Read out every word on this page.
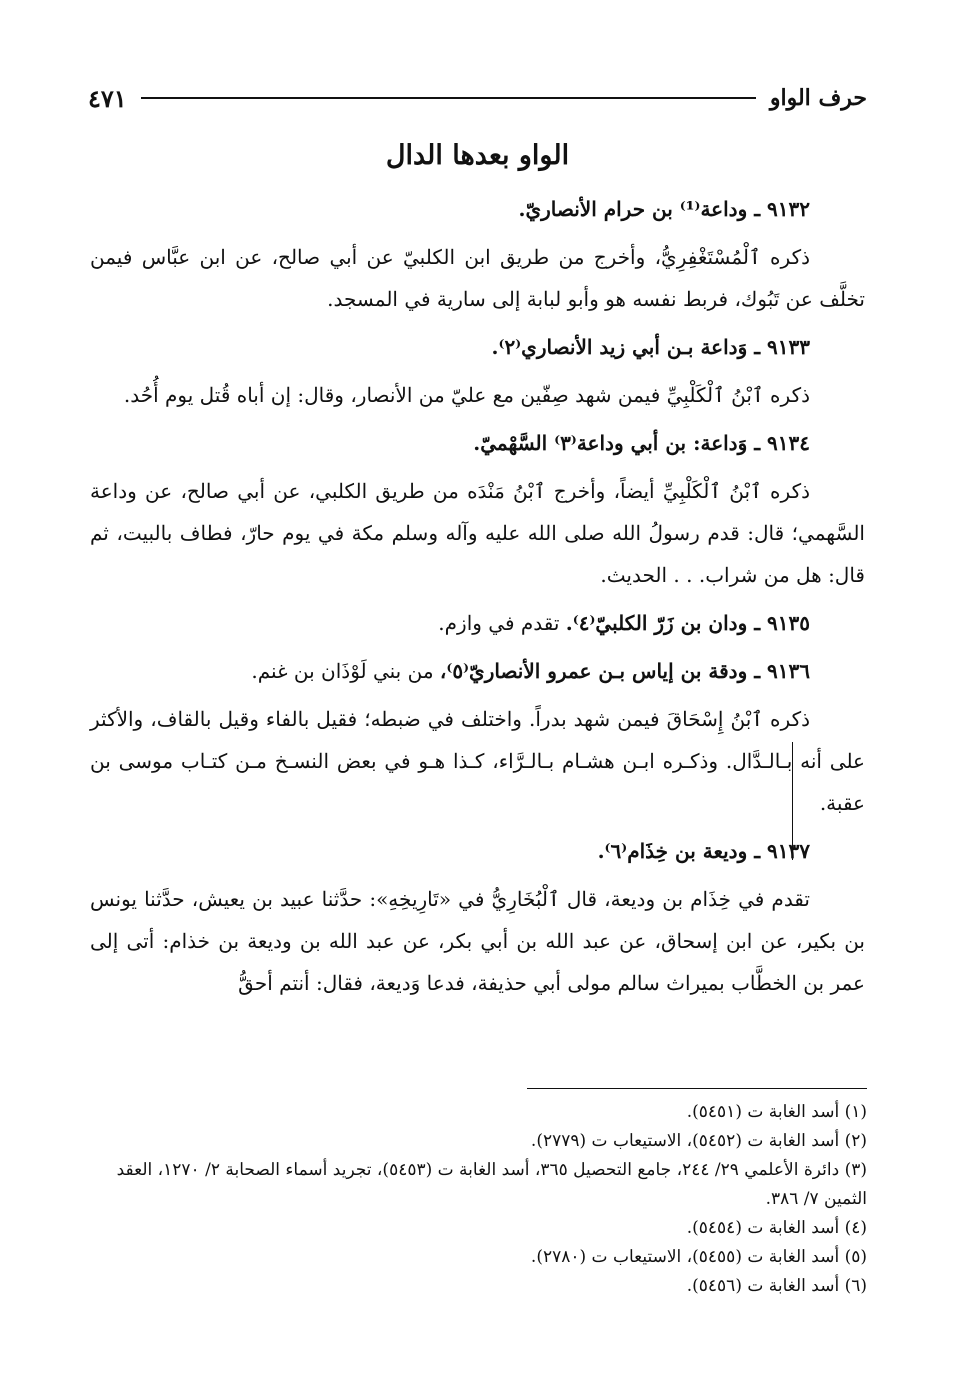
حرف الواو
٤٧١
الواو بعدها الدال

٩١٣٢ ـ وداعة⁽¹⁾ بن حرام الأنصاريّ.

ذكره ٱلْمُسْتَغْفِرِيُّ، وأخرج من طريق ابن الكلبيّ عن أبي صالح، عن ابن عبَّاس فيمن تخلَّف عن تَبُوك، فربط نفسه هو وأبو لبابة إلى سارية في المسجد.

٩١٣٣ ـ وَداعة بـن أبي زيد الأنصاري⁽٢⁾.

ذكره ٱبْنُ ٱلْكَلْبِيِّ فيمن شهد صِفّين مع عليّ من الأنصار، وقال: إن أباه قُتل يوم أُحُد.

٩١٣٤ ـ وَداعة: بن أبي وداعة⁽٣⁾ السَّهْميّ.

ذكره ٱبْنُ ٱلْكَلْبِيِّ أيضاً، وأخرج ٱبْنُ مَنْدَه من طريق الكلبي، عن أبي صالح، عن وداعة السَّهمي؛ قال: قدم رسولُ الله صلى الله عليه وآله وسلم مكة في يوم حارّ، فطاف بالبيت، ثم قال: هل من شراب. . . الحديث.

٩١٣٥ ـ ودان بن زَرّ الكلبيّ⁽٤⁾. تقدم في وازم.

٩١٣٦ ـ ودقة بن إياس بـن عمرو الأنصاريّ⁽٥⁾، من بني لَوْذَان بن غنم.

ذكره ٱبْنُ إِسْحَاقَ فيمن شهد بدراً. واختلف في ضبطه؛ فقيل بالفاء وقيل بالقاف، والأكثر على أنه بـالـدَّال. وذكـره ابـن هشـام بـالـرَّاء، كـذا هـو في بعض النسـخ مـن كتـاب موسى بن عقبة.

٩١٣٧ ـ وديعة بن خِذَام⁽٦⁾.

تقدم في خِذَام بن وديعة، قال ٱلْبُخَارِيُّ في «تَارِيخِهِ»: حدَّثنا عبيد بن يعيش، حدَّثنا يونس بن بكير، عن ابن إسحاق، عن عبد الله بن أبي بكر، عن عبد الله بن وديعة بن خذام: أتى إلى عمر بن الخطَّاب بميراث سالم مولى أبي حذيفة، فدعا وَديعة، فقال: أنتم أحقُّ

(١) أسد الغابة ت (٥٤٥١).
(٢) أسد الغابة ت (٥٤٥٢)، الاستيعاب ت (٢٧٧٩).
(٣) دائرة الأعلمي ٢٩/ ٢٤٤، جامع التحصيل ٣٦٥، أسد الغابة ت (٥٤٥٣)، تجريد أسماء الصحابة ٢/ ١٢٧٠، العقد الثمين ٧/ ٣٨٦.
(٤) أسد الغابة ت (٥٤٥٤).
(٥) أسد الغابة ت (٥٤٥٥)، الاستيعاب ت (٢٧٨٠).
(٦) أسد الغابة ت (٥٤٥٦).
